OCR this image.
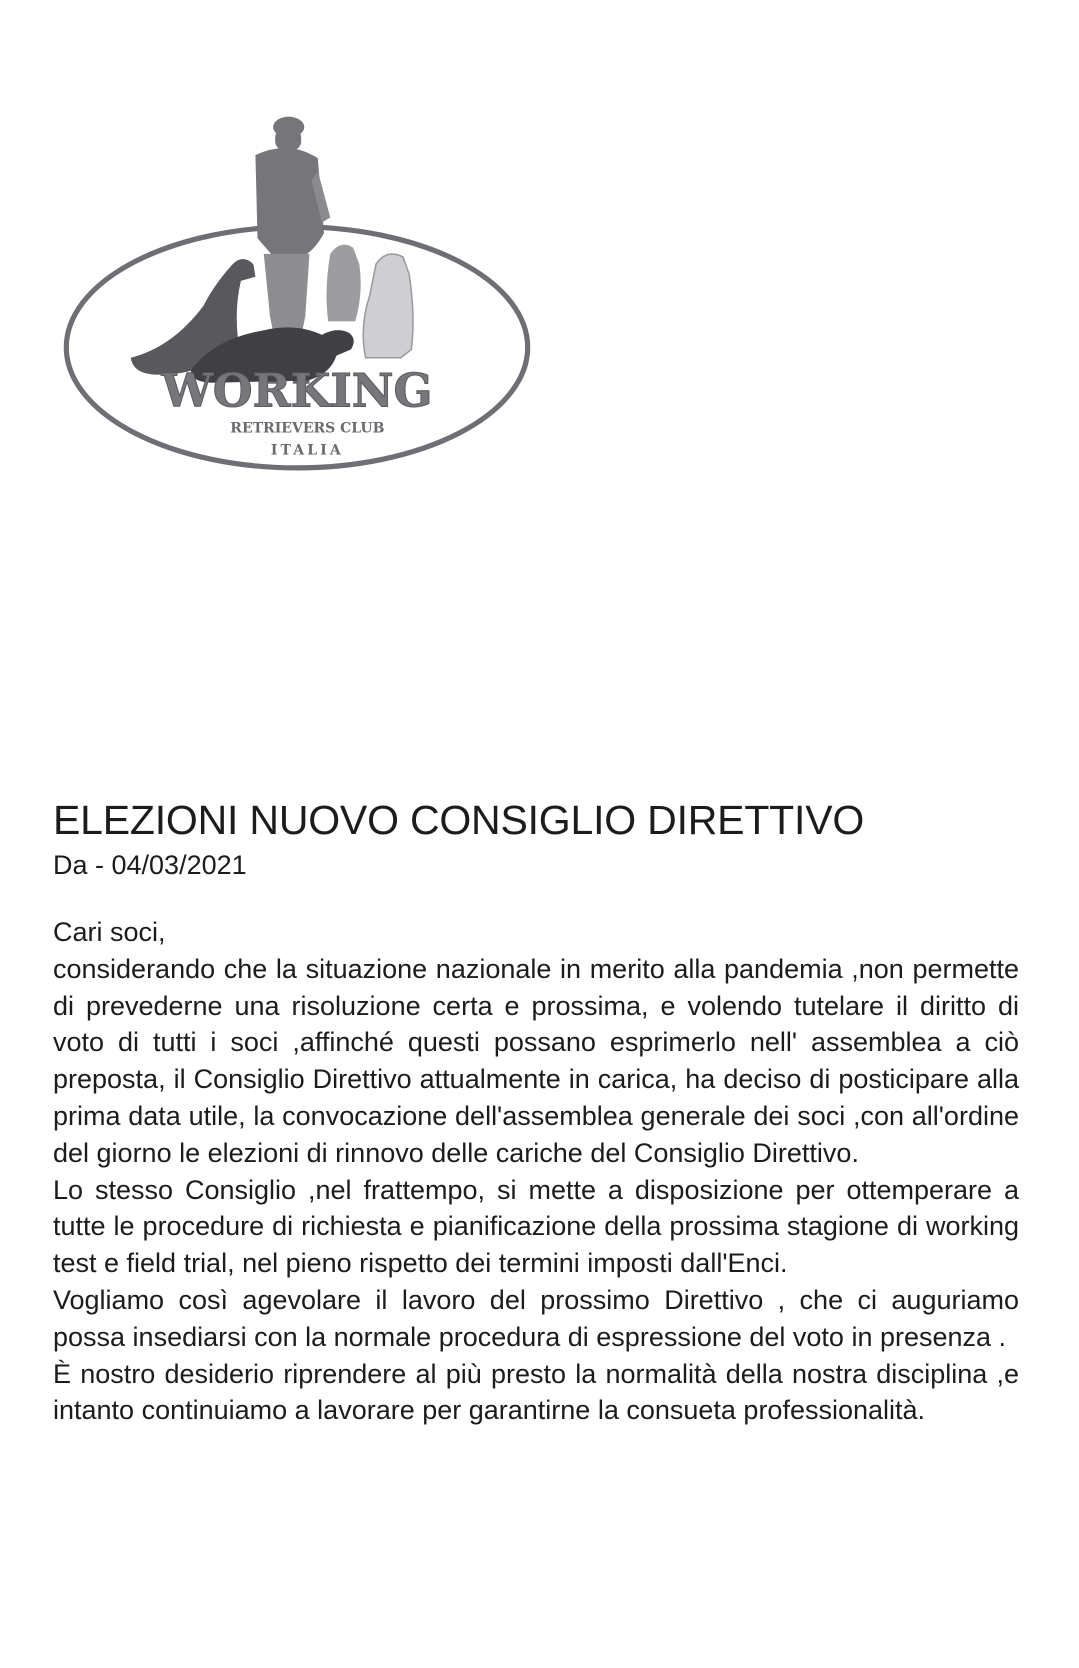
WORKING
RETRIEVERS CLUB
ITALIA
ELEZIONI NUOVO CONSIGLIO DIRETTIVO
Da - 04/03/2021

Cari soci,

considerando che la situazione nazionale in merito alla pandemia ,non permette di prevederne una risoluzione certa e prossima, e volendo tutelare il diritto di voto di tutti i soci ,affinché questi possano esprimerlo nell' assemblea a ciò preposta, il Consiglio Direttivo attualmente in carica, ha deciso di posticipare alla prima data utile, la convocazione dell'assemblea generale dei soci ,con all'ordine del giorno le elezioni di rinnovo delle cariche del Consiglio Direttivo.

Lo stesso Consiglio ,nel frattempo, si mette a disposizione per ottemperare a tutte le procedure di richiesta e pianificazione della prossima stagione di working test e field trial, nel pieno rispetto dei termini imposti dall'Enci.

Vogliamo così agevolare il lavoro del prossimo Direttivo , che ci auguriamo possa insediarsi con la normale procedura di espressione del voto in presenza .

È nostro desiderio riprendere al più presto la normalità della nostra disciplina ,e intanto continuiamo a lavorare per garantirne la consueta professionalità.
